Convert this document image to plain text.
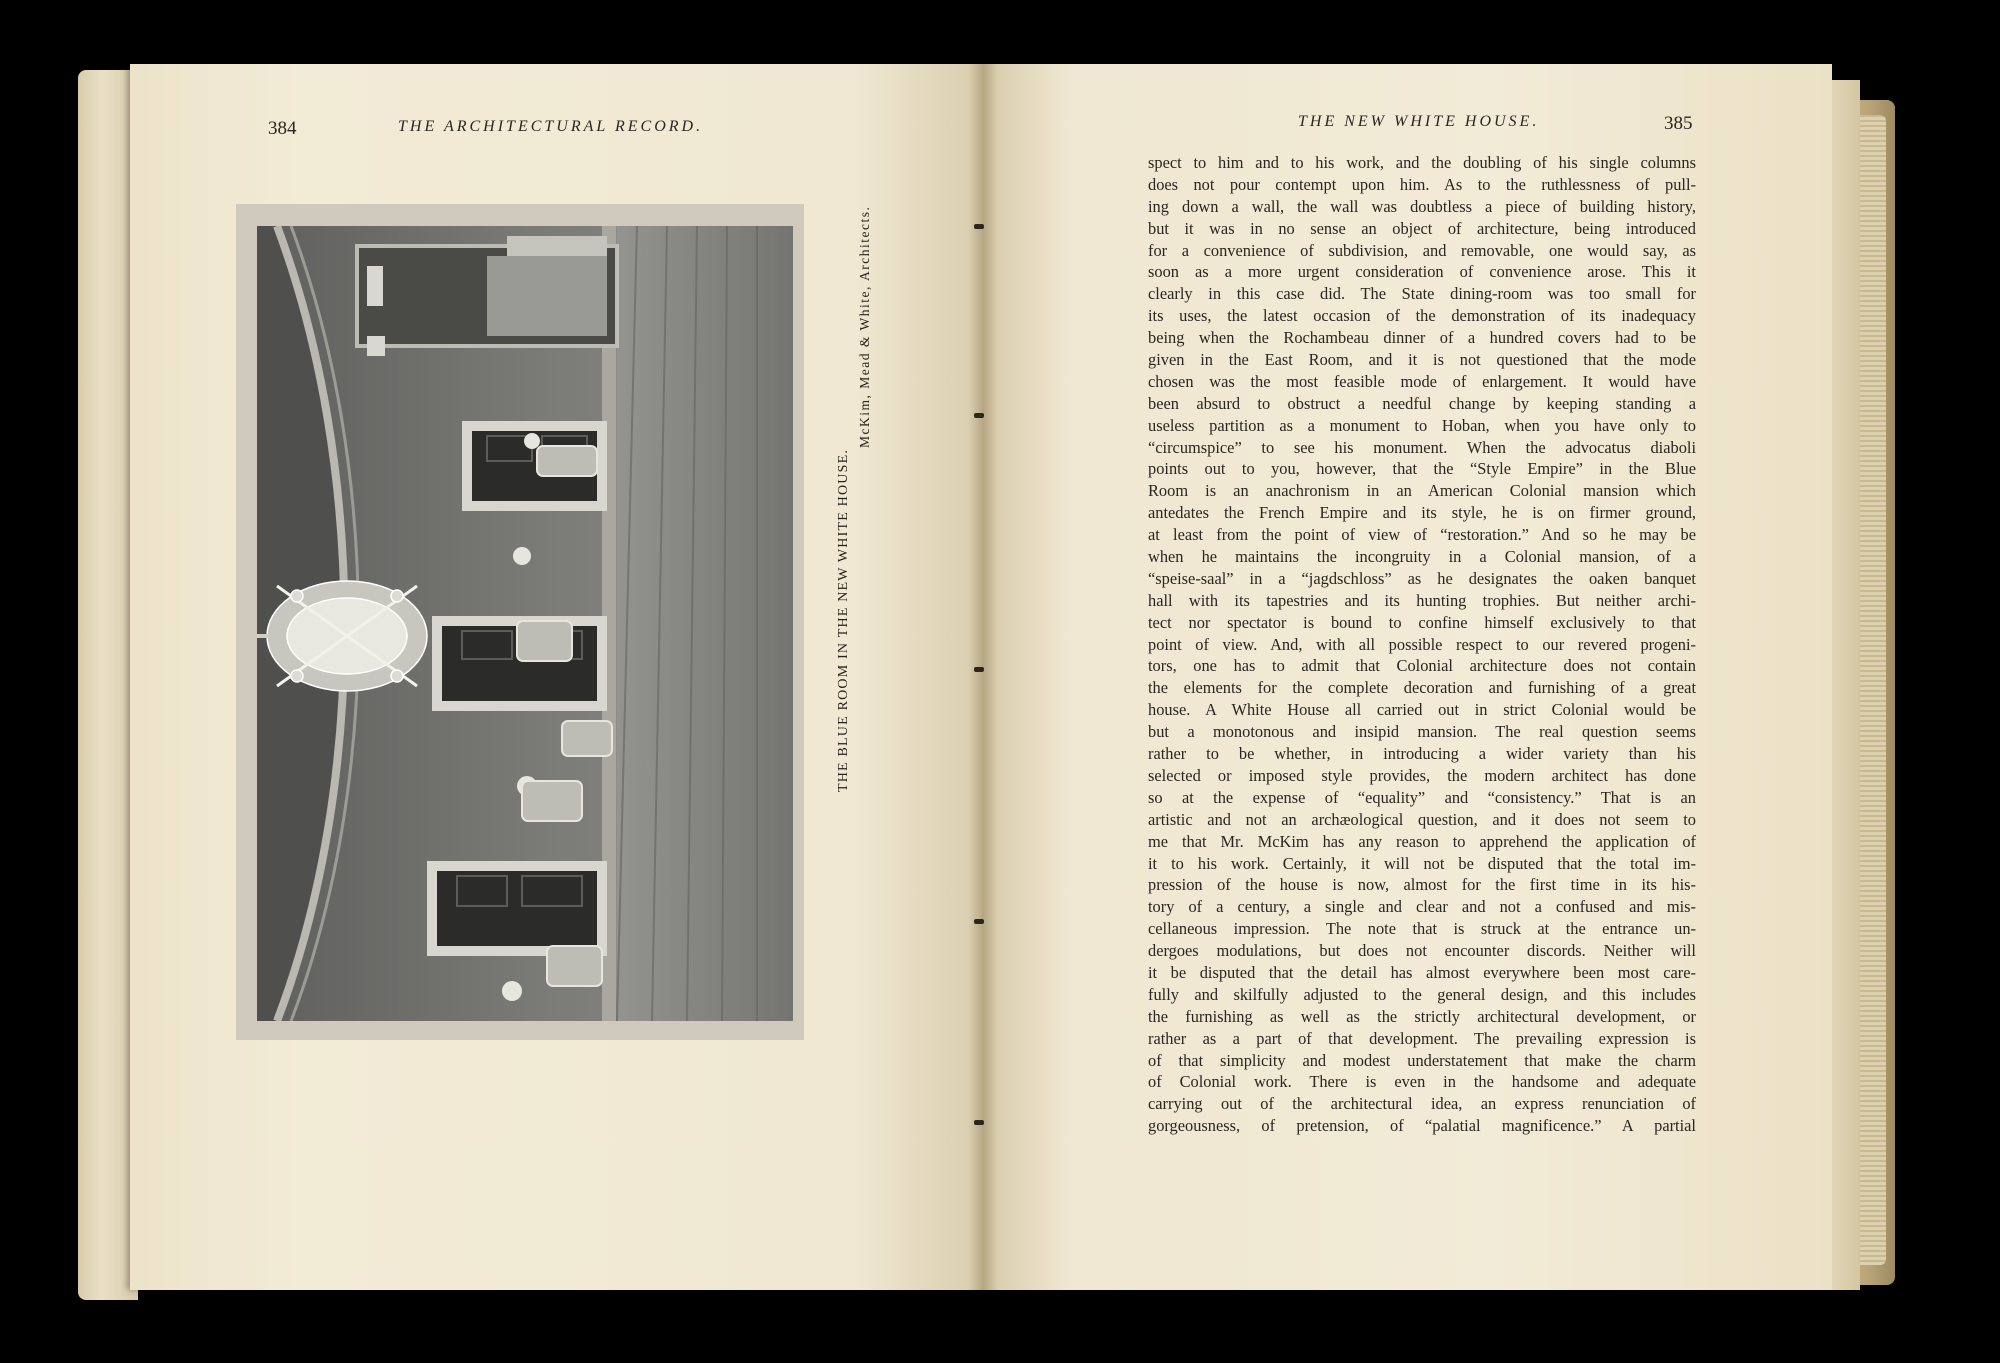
384	THE ARCHITECTURAL RECORD.
THE BLUE ROOM IN THE NEW WHITE HOUSE.
McKim, Mead & White, Architects.
THE NEW WHITE HOUSE.	385
spect to him and to his work, and the doubling of his single columns
does not pour contempt upon him. As to the ruthlessness of pull-
ing down a wall, the wall was doubtless a piece of building history,
but it was in no sense an object of architecture, being introduced
for a convenience of subdivision, and removable, one would say, as
soon as a more urgent consideration of convenience arose. This it
clearly in this case did. The State dining-room was too small for
its uses, the latest occasion of the demonstration of its inadequacy
being when the Rochambeau dinner of a hundred covers had to be
given in the East Room, and it is not questioned that the mode
chosen was the most feasible mode of enlargement. It would have
been absurd to obstruct a needful change by keeping standing a
useless partition as a monument to Hoban, when you have only to
“circumspice” to see his monument. When the advocatus diaboli
points out to you, however, that the “Style Empire” in the Blue
Room is an anachronism in an American Colonial mansion which
antedates the French Empire and its style, he is on firmer ground,
at least from the point of view of “restoration.” And so he may be
when he maintains the incongruity in a Colonial mansion, of a
“speise-saal” in a “jagdschloss” as he designates the oaken banquet
hall with its tapestries and its hunting trophies. But neither archi-
tect nor spectator is bound to confine himself exclusively to that
point of view. And, with all possible respect to our revered progeni-
tors, one has to admit that Colonial architecture does not contain
the elements for the complete decoration and furnishing of a great
house. A White House all carried out in strict Colonial would be
but a monotonous and insipid mansion. The real question seems
rather to be whether, in introducing a wider variety than his
selected or imposed style provides, the modern architect has done
so at the expense of “equality” and “consistency.” That is an
artistic and not an archæological question, and it does not seem to
me that Mr. McKim has any reason to apprehend the application of
it to his work. Certainly, it will not be disputed that the total im-
pression of the house is now, almost for the first time in its his-
tory of a century, a single and clear and not a confused and mis-
cellaneous impression. The note that is struck at the entrance un-
dergoes modulations, but does not encounter discords. Neither will
it be disputed that the detail has almost everywhere been most care-
fully and skilfully adjusted to the general design, and this includes
the furnishing as well as the strictly architectural development, or
rather as a part of that development. The prevailing expression is
of that simplicity and modest understatement that make the charm
of Colonial work. There is even in the handsome and adequate
carrying out of the architectural idea, an express renunciation of
gorgeousness, of pretension, of “palatial magnificence.” A partial
